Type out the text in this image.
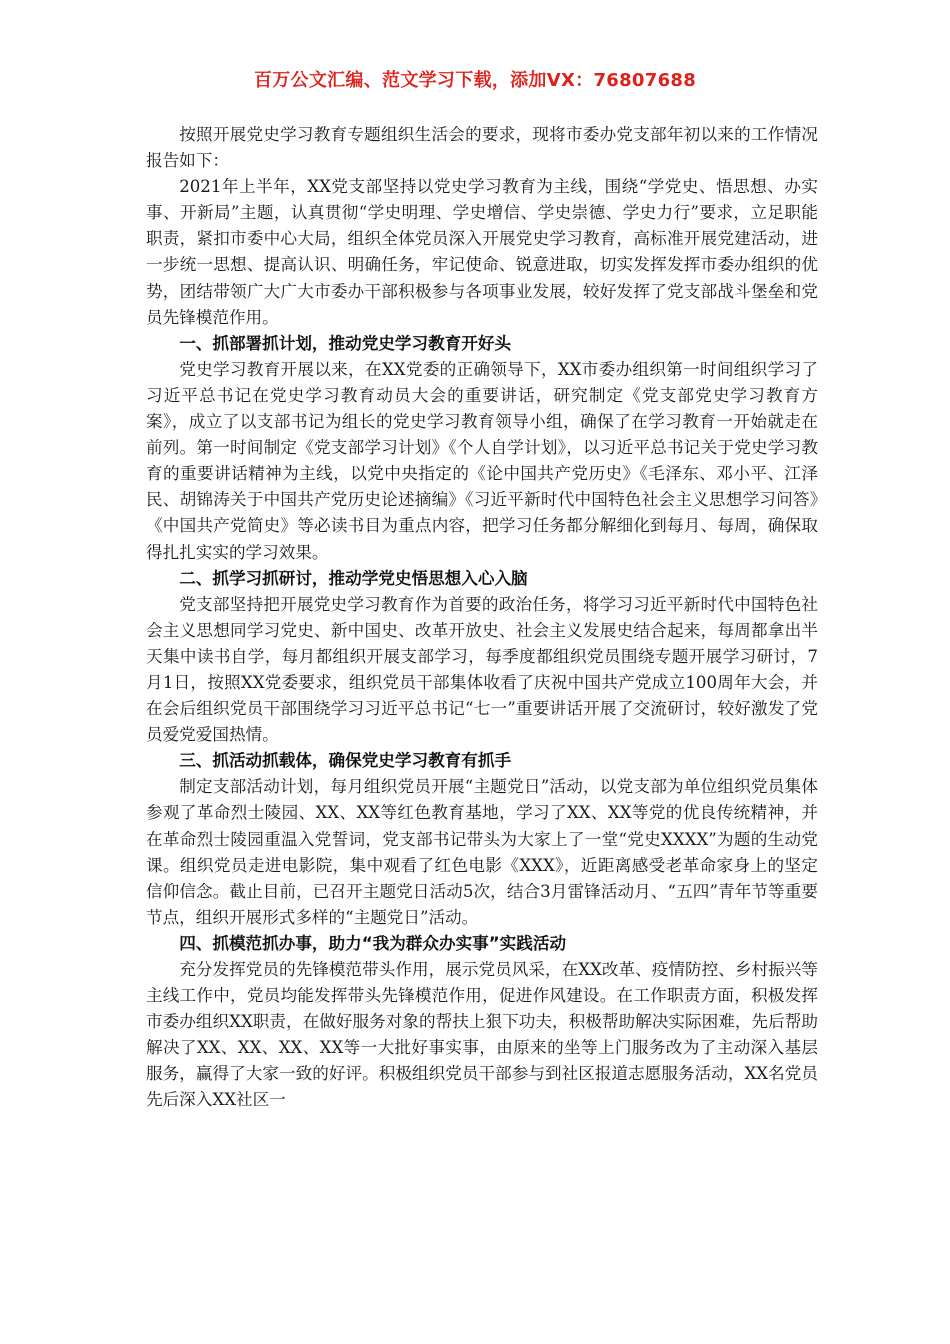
百万公文汇编、范文学习下载，添加VX：76807688

按照开展党史学习教育专题组织生活会的要求，现将市委办党支部年初以来的工作情况报告如下：

2021年上半年，XX党支部坚持以党史学习教育为主线，围绕“学党史、悟思想、办实事、开新局”主题，认真贯彻“学史明理、学史增信、学史崇德、学史力行”要求，立足职能职责，紧扣市委中心大局，组织全体党员深入开展党史学习教育，高标准开展党建活动，进一步统一思想、提高认识、明确任务，牢记使命、锐意进取，切实发挥发挥市委办组织的优势，团结带领广大广大市委办干部积极参与各项事业发展，较好发挥了党支部战斗堡垒和党员先锋模范作用。

一、抓部署抓计划，推动党史学习教育开好头

党史学习教育开展以来，在XX党委的正确领导下，XX市委办组织第一时间组织学习了习近平总书记在党史学习教育动员大会的重要讲话，研究制定《党支部党史学习教育方案》，成立了以支部书记为组长的党史学习教育领导小组，确保了在学习教育一开始就走在前列。第一时间制定《党支部学习计划》《个人自学计划》，以习近平总书记关于党史学习教育的重要讲话精神为主线，以党中央指定的《论中国共产党历史》《毛泽东、邓小平、江泽民、胡锦涛关于中国共产党历史论述摘编》《习近平新时代中国特色社会主义思想学习问答》《中国共产党简史》等必读书目为重点内容，把学习任务都分解细化到每月、每周，确保取得扎扎实实的学习效果。

二、抓学习抓研讨，推动学党史悟思想入心入脑

党支部坚持把开展党史学习教育作为首要的政治任务，将学习习近平新时代中国特色社会主义思想同学习党史、新中国史、改革开放史、社会主义发展史结合起来，每周都拿出半天集中读书自学，每月都组织开展支部学习，每季度都组织党员围绕专题开展学习研讨，7月1日，按照XX党委要求，组织党员干部集体收看了庆祝中国共产党成立100周年大会，并在会后组织党员干部围绕学习习近平总书记“七一”重要讲话开展了交流研讨，较好激发了党员爱党爱国热情。

三、抓活动抓载体，确保党史学习教育有抓手

制定支部活动计划，每月组织党员开展“主题党日”活动，以党支部为单位组织党员集体参观了革命烈士陵园、XX、XX等红色教育基地，学习了XX、XX等党的优良传统精神，并在革命烈士陵园重温入党誓词，党支部书记带头为大家上了一堂“党史XXXX”为题的生动党课。组织党员走进电影院，集中观看了红色电影《XXX》，近距离感受老革命家身上的坚定信仰信念。截止目前，已召开主题党日活动5次，结合3月雷锋活动月、“五四”青年节等重要节点，组织开展形式多样的“主题党日”活动。

四、抓模范抓办事，助力“我为群众办实事”实践活动

充分发挥党员的先锋模范带头作用，展示党员风采，在XX改革、疫情防控、乡村振兴等主线工作中，党员均能发挥带头先锋模范作用，促进作风建设。在工作职责方面，积极发挥市委办组织XX职责，在做好服务对象的帮扶上狠下功夫，积极帮助解决实际困难，先后帮助解决了XX、XX、XX、XX等一大批好事实事，由原来的坐等上门服务改为了主动深入基层服务，赢得了大家一致的好评。积极组织党员干部参与到社区报道志愿服务活动，XX名党员先后深入XX社区一
